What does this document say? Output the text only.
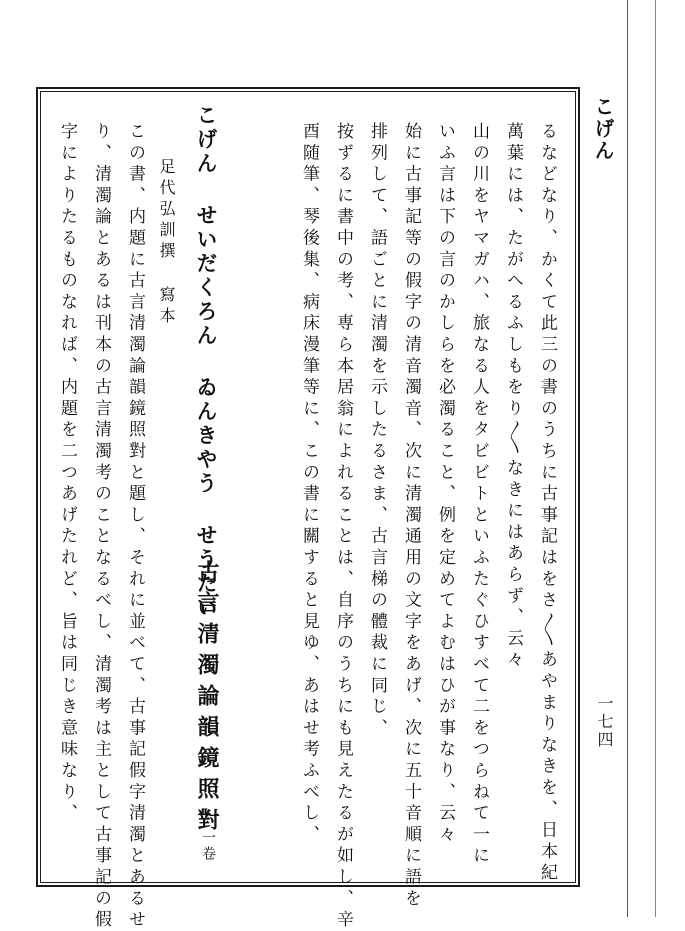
こげん
一七四
るなどなり、かくて此三の書のうちに古事記はをさ〳〵あやまりなきを、日本紀
萬葉には、たがへるふしもをり〳〵なきにはあらず、云々
山の川をヤマガハ、旅なる人をタビビトといふたぐひすべて二をつらねて一に
いふ言は下の言のかしらを必濁ること、例を定めてよむはひが事なり、云々
始に古事記等の假字の清音濁音、次に清濁通用の文字をあげ、次に五十音順に語を
排列して、語ごとに清濁を示したるさま、古言梯の體裁に同じ、
按ずるに書中の考、専ら本居翁によれることは、自序のうちにも見えたるが如し、辛
酉随筆、琴後集、病床漫筆等に、この書に關すると見ゆ、あはせ考ふべし、
こげん せいだくろん ゐんきやう せうたい
古言清濁論韻鏡照對
一卷
足代弘訓撰
寫本
この書、内題に古言清濁論韻鏡照對と題し、それに並べて、古事記假字清濁とあるせ
り、清濁論とあるは刊本の古言清濁考のことなるべし、清濁考は主として古事記の假
字によりたるものなれば、内題を二つあげたれど、旨は同じき意味なり、
